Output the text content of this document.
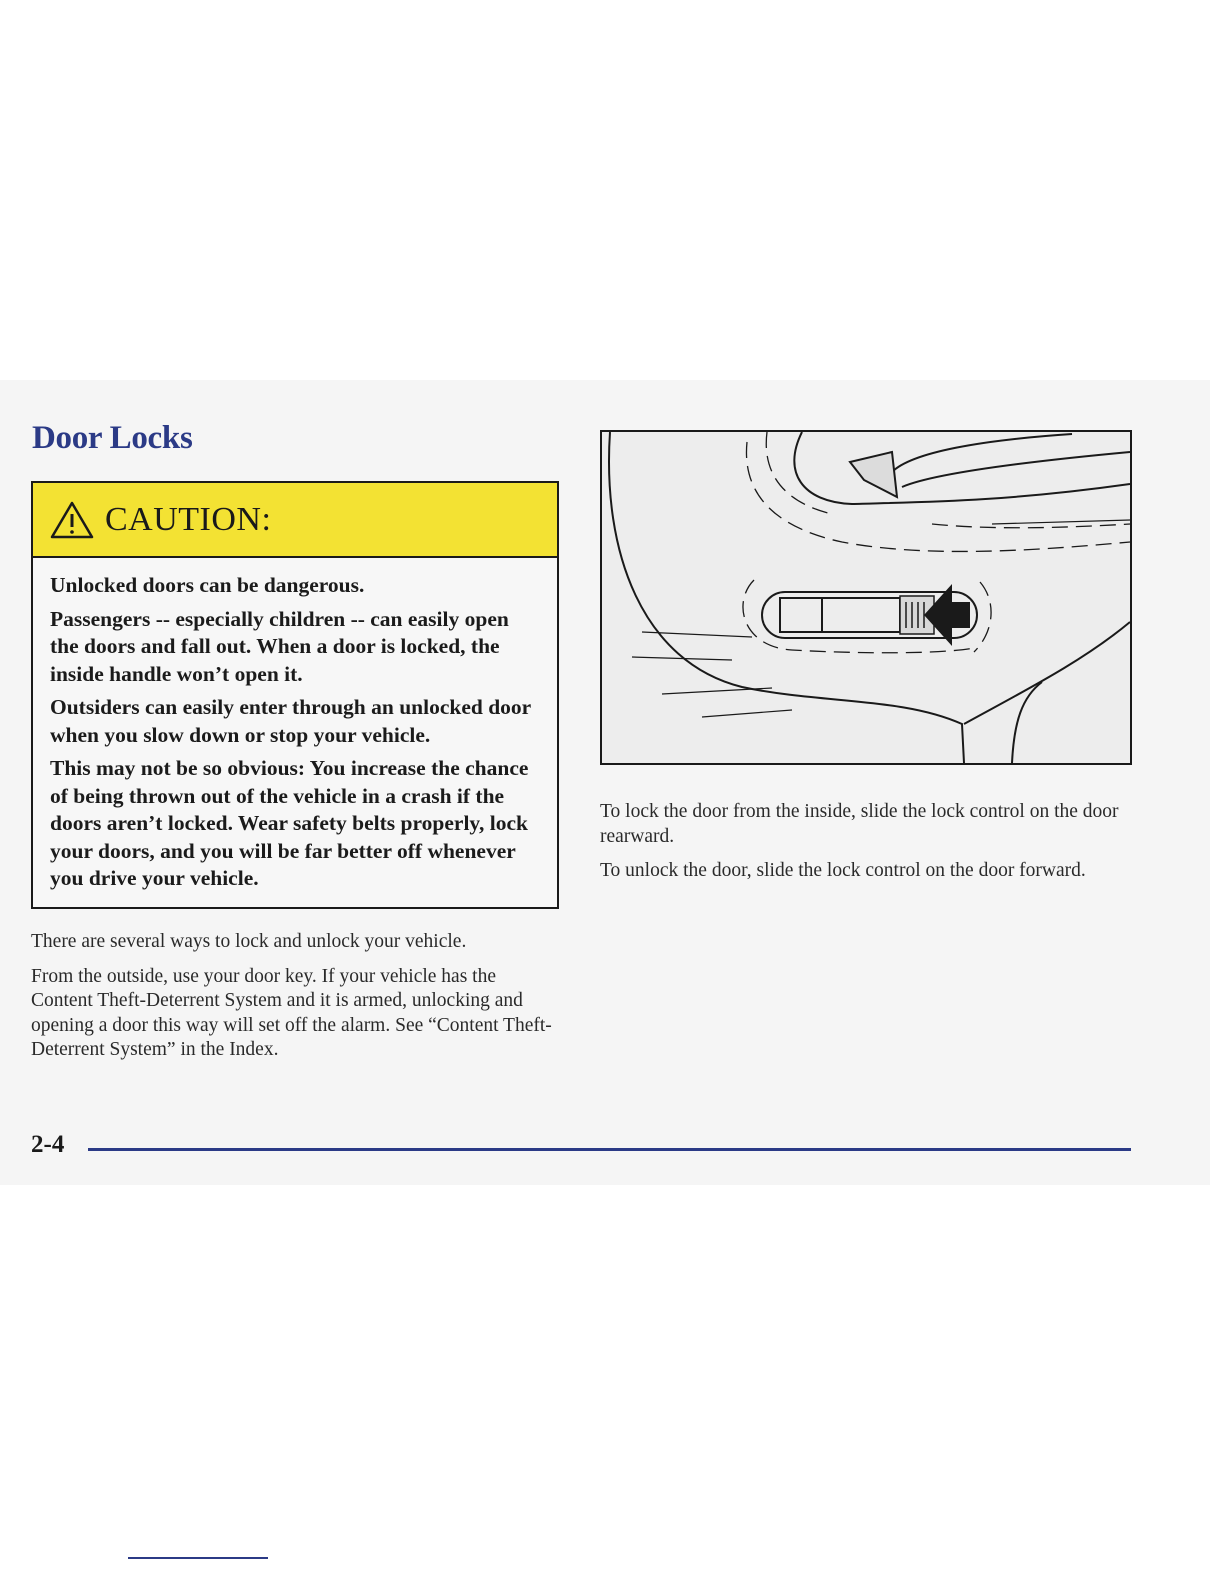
Door Locks
CAUTION:

Unlocked doors can be dangerous.

Passengers -- especially children -- can easily open the doors and fall out. When a door is locked, the inside handle won’t open it.

Outsiders can easily enter through an unlocked door when you slow down or stop your vehicle.

This may not be so obvious: You increase the chance of being thrown out of the vehicle in a crash if the doors aren’t locked. Wear safety belts properly, lock your doors, and you will be far better off whenever you drive your vehicle.

There are several ways to lock and unlock your vehicle.

From the outside, use your door key. If your vehicle has the Content Theft-Deterrent System and it is armed, unlocking and opening a door this way will set off the alarm. See “Content Theft-Deterrent System” in the Index.

To lock the door from the inside, slide the lock control on the door rearward.

To unlock the door, slide the lock control on the door forward.

2-4
